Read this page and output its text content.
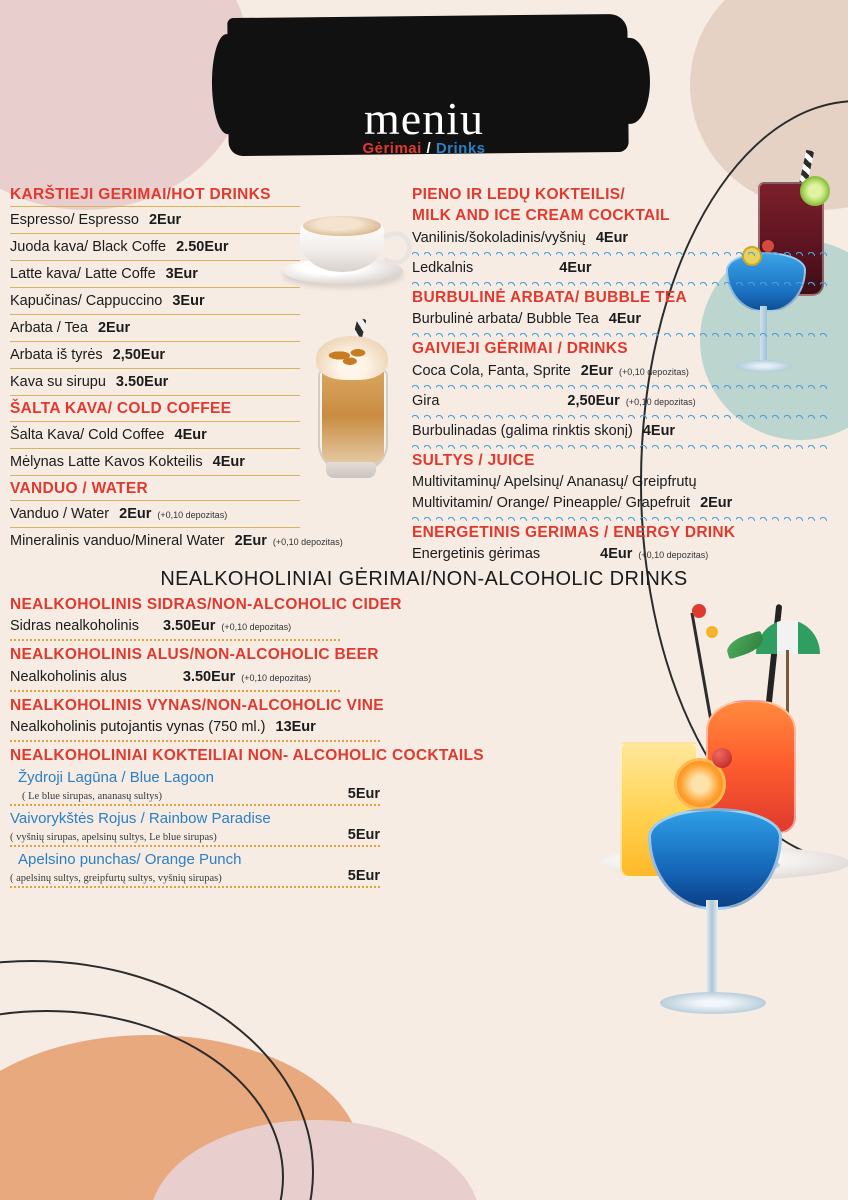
SITO
meniu
Gėrimai / Drinks
KARŠTIEJI GERIMAI/HOT DRINKS
Espresso/ Espresso 2Eur
Juoda kava/ Black Coffe 2.50Eur
Latte kava/ Latte Coffe 3Eur
Kapučinas/ Cappuccino 3Eur
Arbata / Tea 2Eur
Arbata iš tyrės 2,50Eur
Kava su sirupu 3.50Eur
ŠALTA KAVA/ COLD COFFEE
Šalta Kava/ Cold Coffee 4Eur
Mėlynas Latte Kavos Kokteilis 4Eur
VANDUO / WATER
Vanduo / Water 2Eur (+0,10 depozitas)
Mineralinis vanduo/Mineral Water 2Eur (+0,10 depozitas)
PIENO IR LEDŲ KOKTEILIS/
MILK AND ICE CREAM COCKTAIL
Vanilinis/šokoladinis/vyšnių 4Eur
Ledkalnis	4Eur
BURBULINĖ ARBATA/ BUBBLE TEA
Burbulinė arbata/ Bubble Tea 4Eur
GAIVIEJI GĖRIMAI / DRINKS
Coca Cola, Fanta, Sprite 2Eur (+0,10 depozitas)
Gira	2,50Eur (+0,10 depozitas)
Burbulinadas (galima rinktis skonį) 4Eur
SULTYS / JUICE
Multivitaminų/ Apelsinų/ Ananasų/ Greipfrutų
Multivitamin/ Orange/ Pineapple/ Grapefruit 2Eur
ENERGETINIS GERIMAS / ENERGY DRINK
Energetinis gėrimas	4Eur (+0,10 depozitas)
NEALKOHOLINIAI GĖRIMAI/NON-ALCOHOLIC DRINKS
NEALKOHOLINIS SIDRAS/NON-ALCOHOLIC CIDER
Sidras nealkoholinis 3.50Eur (+0,10 depozitas)
NEALKOHOLINIS ALUS/NON-ALCOHOLIC BEER
Nealkoholinis alus	3.50Eur (+0,10 depozitas)
NEALKOHOLINIS VYNAS/NON-ALCOHOLIC VINE
Nealkoholinis putojantis vynas (750 ml.) 13Eur
NEALKOHOLINIAI KOKTEILIAI NON- ALCOHOLIC COCKTAILS
Žydroji Lagūna / Blue Lagoon
( Le blue sirupas, ananasų sultys)	5Eur
Vaivorykštės Rojus / Rainbow Paradise
( vyšnių sirupas, apelsinų sultys, Le blue sirupas)	5Eur
Apelsino punchas/ Orange Punch
( apelsinų sultys, greipfurtų sultys, vyšnių sirupas)	5Eur
